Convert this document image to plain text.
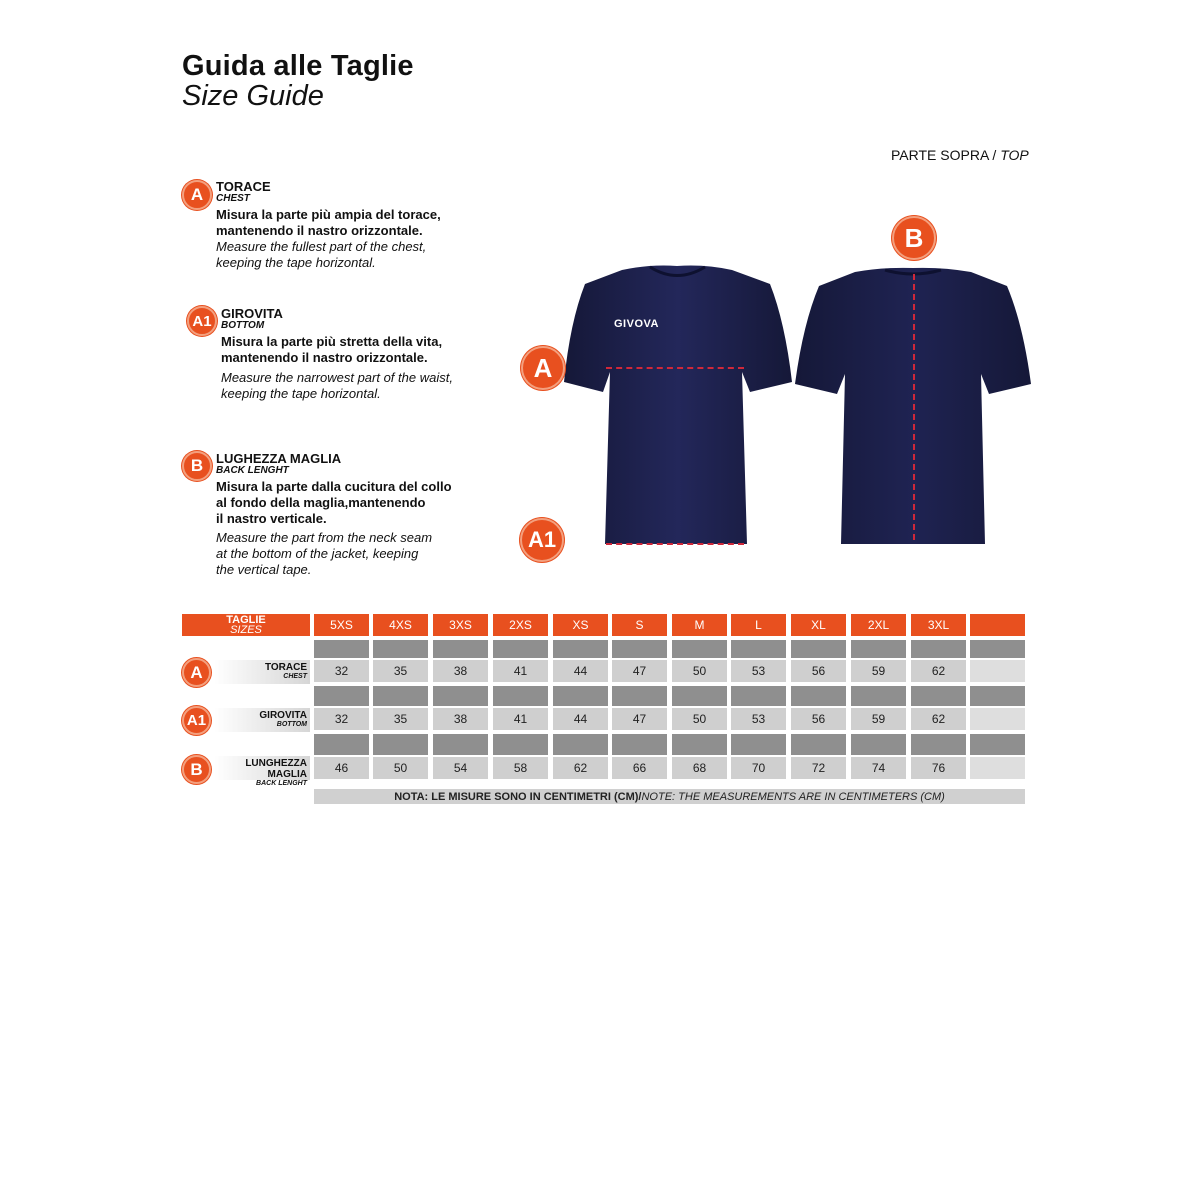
Guida alle Taglie
Size Guide
PARTE SOPRA / TOP
A TORACE
CHEST
Misura la parte più ampia del torace,
mantenendo il nastro orizzontale.
Measure the fullest part of the chest,
keeping the tape horizontal.
A1 GIROVITA
BOTTOM
Misura la parte più stretta della vita,
mantenendo il nastro orizzontale.
Measure the narrowest part of the waist,
keeping the tape horizontal.
B LUGHEZZA MAGLIA
BACK LENGHT
Misura la parte dalla cucitura del collo
al fondo della maglia,mantenendo
il nastro verticale.
Measure the part from the neck seam
at the bottom of the jacket, keeping
the vertical tape.
GIVOVA
A
A1
B
TAGLIE
SIZES	5XS	4XS	3XS	2XS	XS	S	M	L	XL	2XL	3XL
A	TORACE
CHEST	32	35	38	41	44	47	50	53	56	59	62
A1	GIROVITA
BOTTOM	32	35	38	41	44	47	50	53	56	59	62
B	LUNGHEZZA MAGLIA
BACK LENGHT
46	50	54	58	62	66	68	70	72	74	76
NOTA: LE MISURE SONO IN CENTIMETRI (CM) / NOTE: THE MEASUREMENTS ARE IN CENTIMETERS (CM)
